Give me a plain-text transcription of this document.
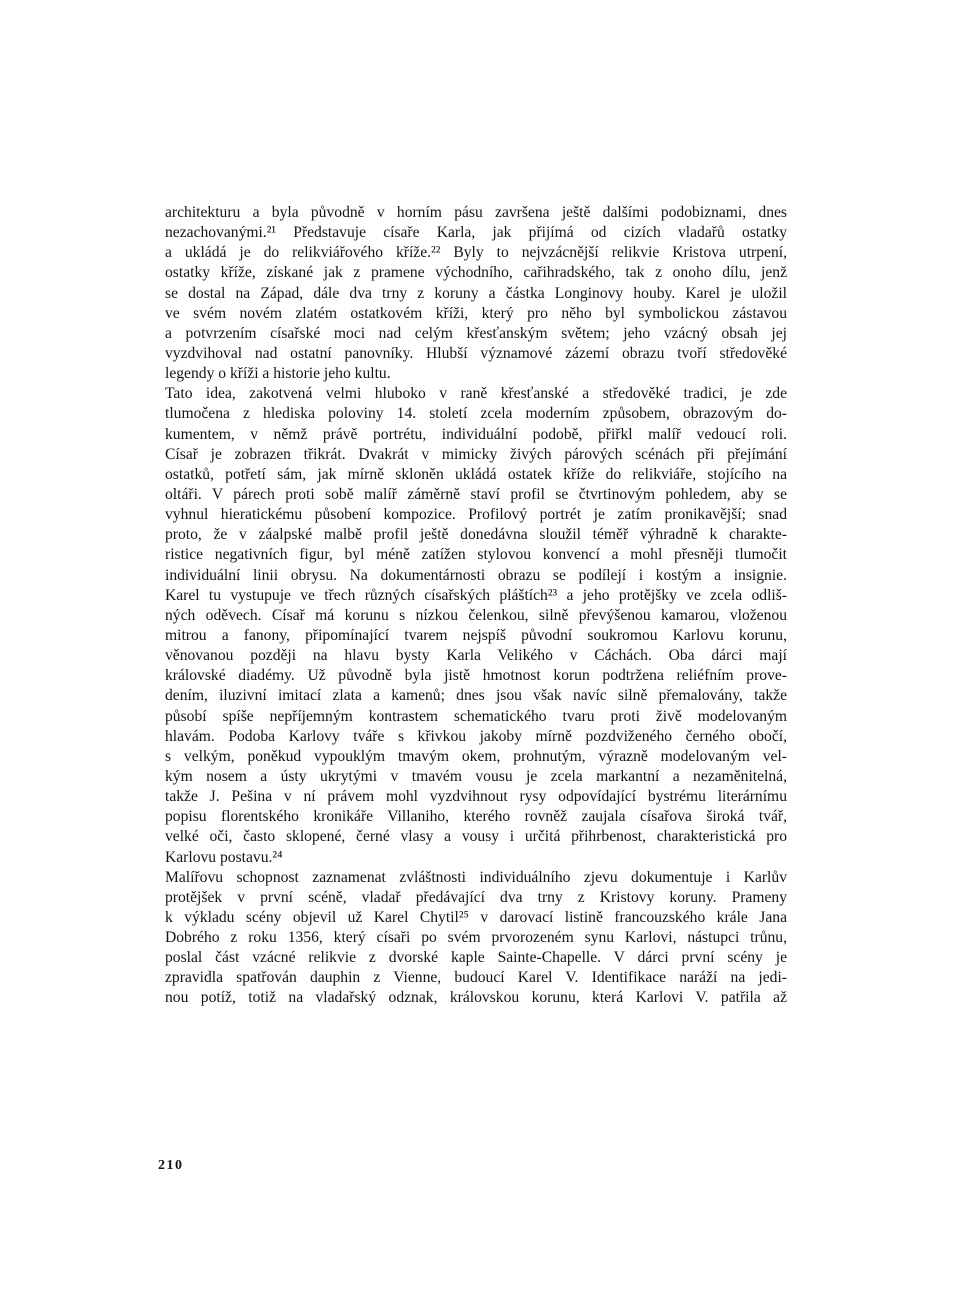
architekturu a byla původně v horním pásu završena ještě dalšími podobiznami, dnes
nezachovanými.²¹ Představuje císaře Karla, jak přijímá od cizích vladařů ostatky
a ukládá je do relikviářového kříže.²² Byly to nejvzácnější relikvie Kristova utrpení,
ostatky kříže, získané jak z pramene východního, cařihradského, tak z onoho dílu, jenž
se dostal na Západ, dále dva trny z koruny a částka Longinovy houby. Karel je uložil
ve svém novém zlatém ostatkovém kříži, který pro něho byl symbolickou zástavou
a potvrzením císařské moci nad celým křesťanským světem; jeho vzácný obsah jej
vyzdvihoval nad ostatní panovníky. Hlubší významové zázemí obrazu tvoří středověké
legendy o kříži a historie jeho kultu.
Tato idea, zakotvená velmi hluboko v raně křesťanské a středověké tradici, je zde
tlumočena z hlediska poloviny 14. století zcela moderním způsobem, obrazovým do-
kumentem, v němž právě portrétu, individuální podobě, přiřkl malíř vedoucí roli.
Císař je zobrazen třikrát. Dvakrát v mimicky živých párových scénách při přejímání
ostatků, potřetí sám, jak mírně skloněn ukládá ostatek kříže do relikviáře, stojícího na
oltáři. V párech proti sobě malíř záměrně staví profil se čtvrtinovým pohledem, aby se
vyhnul hieratickému působení kompozice. Profilový portrét je zatím pronikavější; snad
proto, že v záalpské malbě profil ještě donedávna sloužil téměř výhradně k charakte-
ristice negativních figur, byl méně zatížen stylovou konvencí a mohl přesněji tlumočit
individuální linii obrysu. Na dokumentárnosti obrazu se podílejí i kostým a insignie.
Karel tu vystupuje ve třech různých císařských pláštích²³ a jeho protějšky ve zcela odliš-
ných oděvech. Císař má korunu s nízkou čelenkou, silně převýšenou kamarou, vloženou
mitrou a fanony, připomínající tvarem nejspíš původní soukromou Karlovu korunu,
věnovanou později na hlavu bysty Karla Velikého v Cáchách. Oba dárci mají
královské diadémy. Už původně byla jistě hmotnost korun podtržena reliéfním prove-
dením, iluzivní imitací zlata a kamenů; dnes jsou však navíc silně přemalovány, takže
působí spíše nepříjemným kontrastem schematického tvaru proti živě modelovaným
hlavám. Podoba Karlovy tváře s křivkou jakoby mírně pozdviženého černého obočí,
s velkým, poněkud vypouklým tmavým okem, prohnutým, výrazně modelovaným vel-
kým nosem a ústy ukrytými v tmavém vousu je zcela markantní a nezaměnitelná,
takže J. Pešina v ní právem mohl vyzdvihnout rysy odpovídající bystrému literárnímu
popisu florentského kronikáře Villaniho, kterého rovněž zaujala císařova široká tvář,
velké oči, často sklopené, černé vlasy a vousy i určitá přihrbenost, charakteristická pro
Karlovu postavu.²⁴
Malířovu schopnost zaznamenat zvláštnosti individuálního zjevu dokumentuje i Karlův
protějšek v první scéně, vladař předávající dva trny z Kristovy koruny. Prameny
k výkladu scény objevil už Karel Chytil²⁵ v darovací listině francouzského krále Jana
Dobrého z roku 1356, který císaři po svém prvorozeném synu Karlovi, nástupci trůnu,
poslal část vzácné relikvie z dvorské kaple Sainte-Chapelle. V dárci první scény je
zpravidla spatřován dauphin z Vienne, budoucí Karel V. Identifikace naráží na jedi-
nou potíž, totiž na vladařský odznak, královskou korunu, která Karlovi V. patřila až
210
